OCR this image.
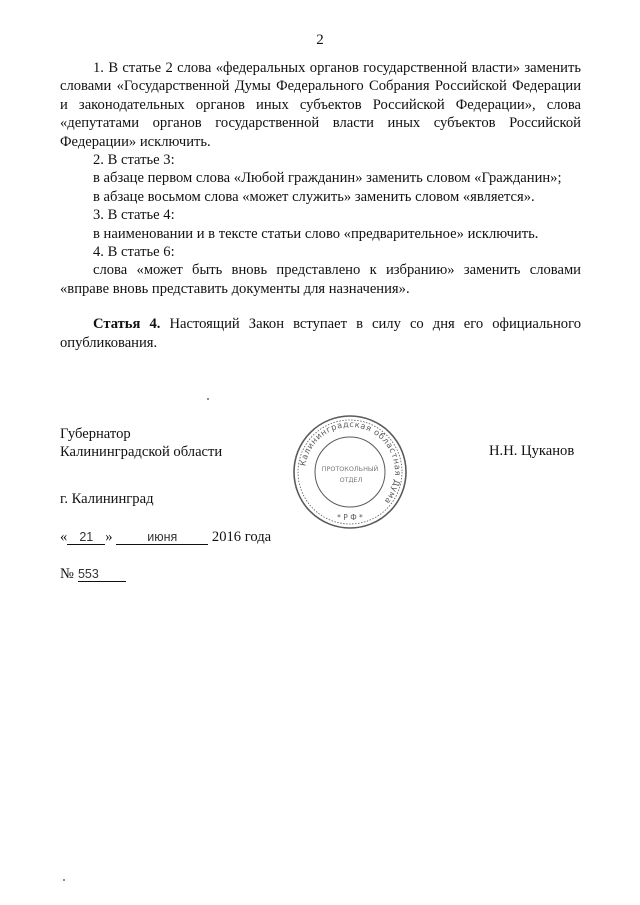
2

1. В статье 2 слова «федеральных органов государственной власти» заменить словами «Государственной Думы Федерального Собрания Российской Федерации и законодательных органов иных субъектов Российской Федерации», слова «депутатами органов государственной власти иных субъектов Российской Федерации» исключить.

2. В статье 3:

в абзаце первом слова «Любой гражданин» заменить словом «Гражданин»;

в абзаце восьмом слова «может служить» заменить словом «является».

3. В статье 4:

в наименовании и в тексте статьи слово «предварительное» исключить.

4. В статье 6:

слова «может быть вновь представлено к избранию» заменить словами «вправе вновь представить документы для назначения».

Статья 4. Настоящий Закон вступает в силу со дня его официального опубликования.

Губернатор
Калининградской области
Калининградская областная Дума
* Р Ф *
ПРОТОКОЛЬНЫЙ
ОТДЕЛ
Н.Н. Цуканов
г. Калининград
« 21 »	июня 2016 года
№ 553
